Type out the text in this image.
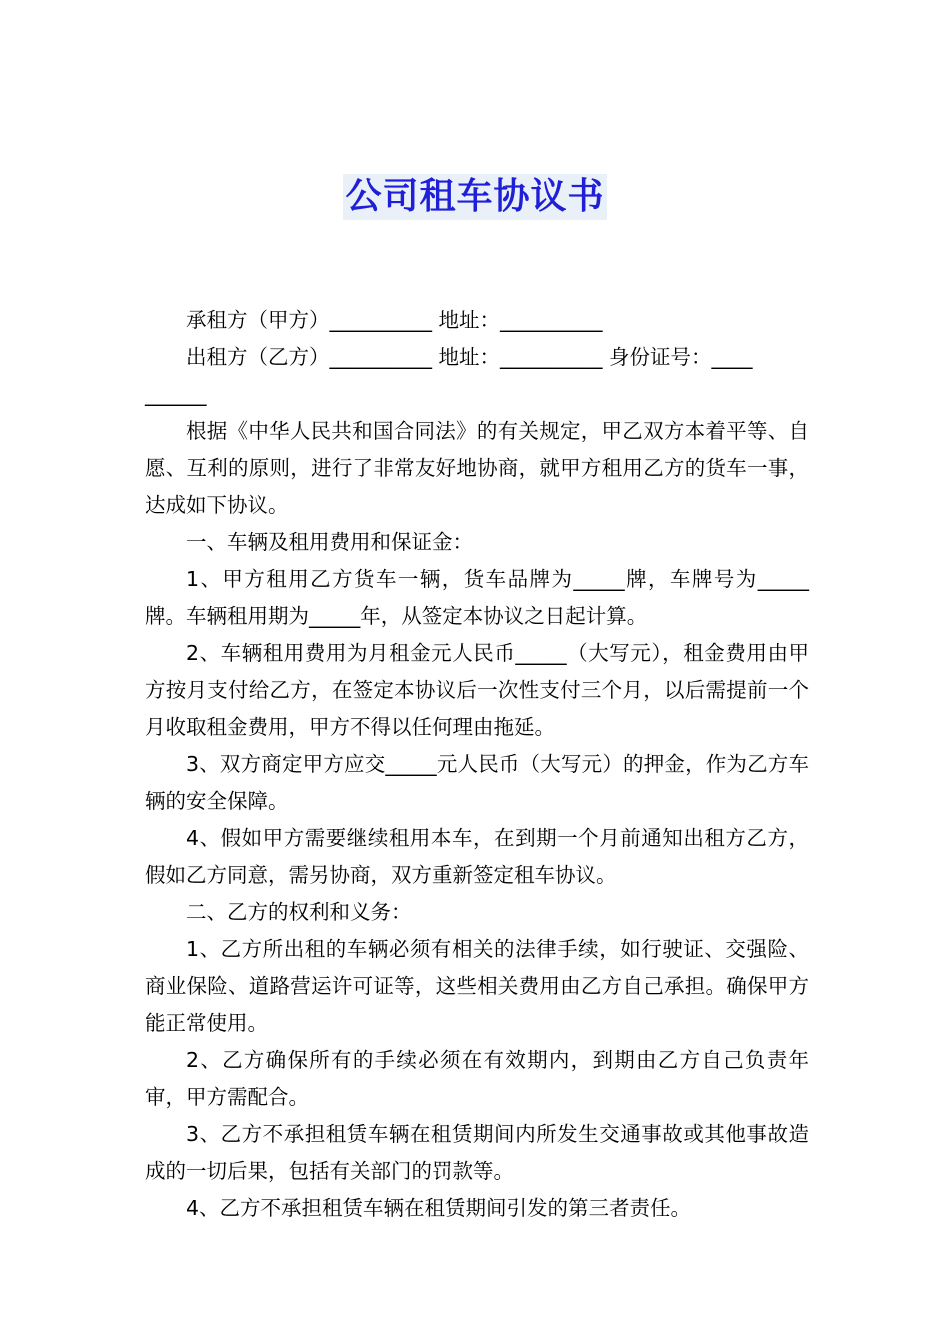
公司租车协议书

承租方（甲方）__________ 地址：__________

出租方（乙方）__________ 地址：__________ 身份证号：____

______

根据《中华人民共和国合同法》的有关规定，甲乙双方本着平等、自愿、互利的原则，进行了非常友好地协商，就甲方租用乙方的货车一事，达成如下协议。

一、车辆及租用费用和保证金：

1、甲方租用乙方货车一辆，货车品牌为_____牌，车牌号为_____牌。车辆租用期为_____年，从签定本协议之日起计算。

2、车辆租用费用为月租金元人民币_____（大写元），租金费用由甲方按月支付给乙方，在签定本协议后一次性支付三个月，以后需提前一个月收取租金费用，甲方不得以任何理由拖延。

3、双方商定甲方应交_____元人民币（大写元）的押金，作为乙方车辆的安全保障。

4、假如甲方需要继续租用本车，在到期一个月前通知出租方乙方，假如乙方同意，需另协商，双方重新签定租车协议。

二、乙方的权利和义务：

1、乙方所出租的车辆必须有相关的法律手续，如行驶证、交强险、商业保险、道路营运许可证等，这些相关费用由乙方自己承担。确保甲方能正常使用。

2、乙方确保所有的手续必须在有效期内，到期由乙方自己负责年审，甲方需配合。

3、乙方不承担租赁车辆在租赁期间内所发生交通事故或其他事故造成的一切后果，包括有关部门的罚款等。

4、乙方不承担租赁车辆在租赁期间引发的第三者责任。
